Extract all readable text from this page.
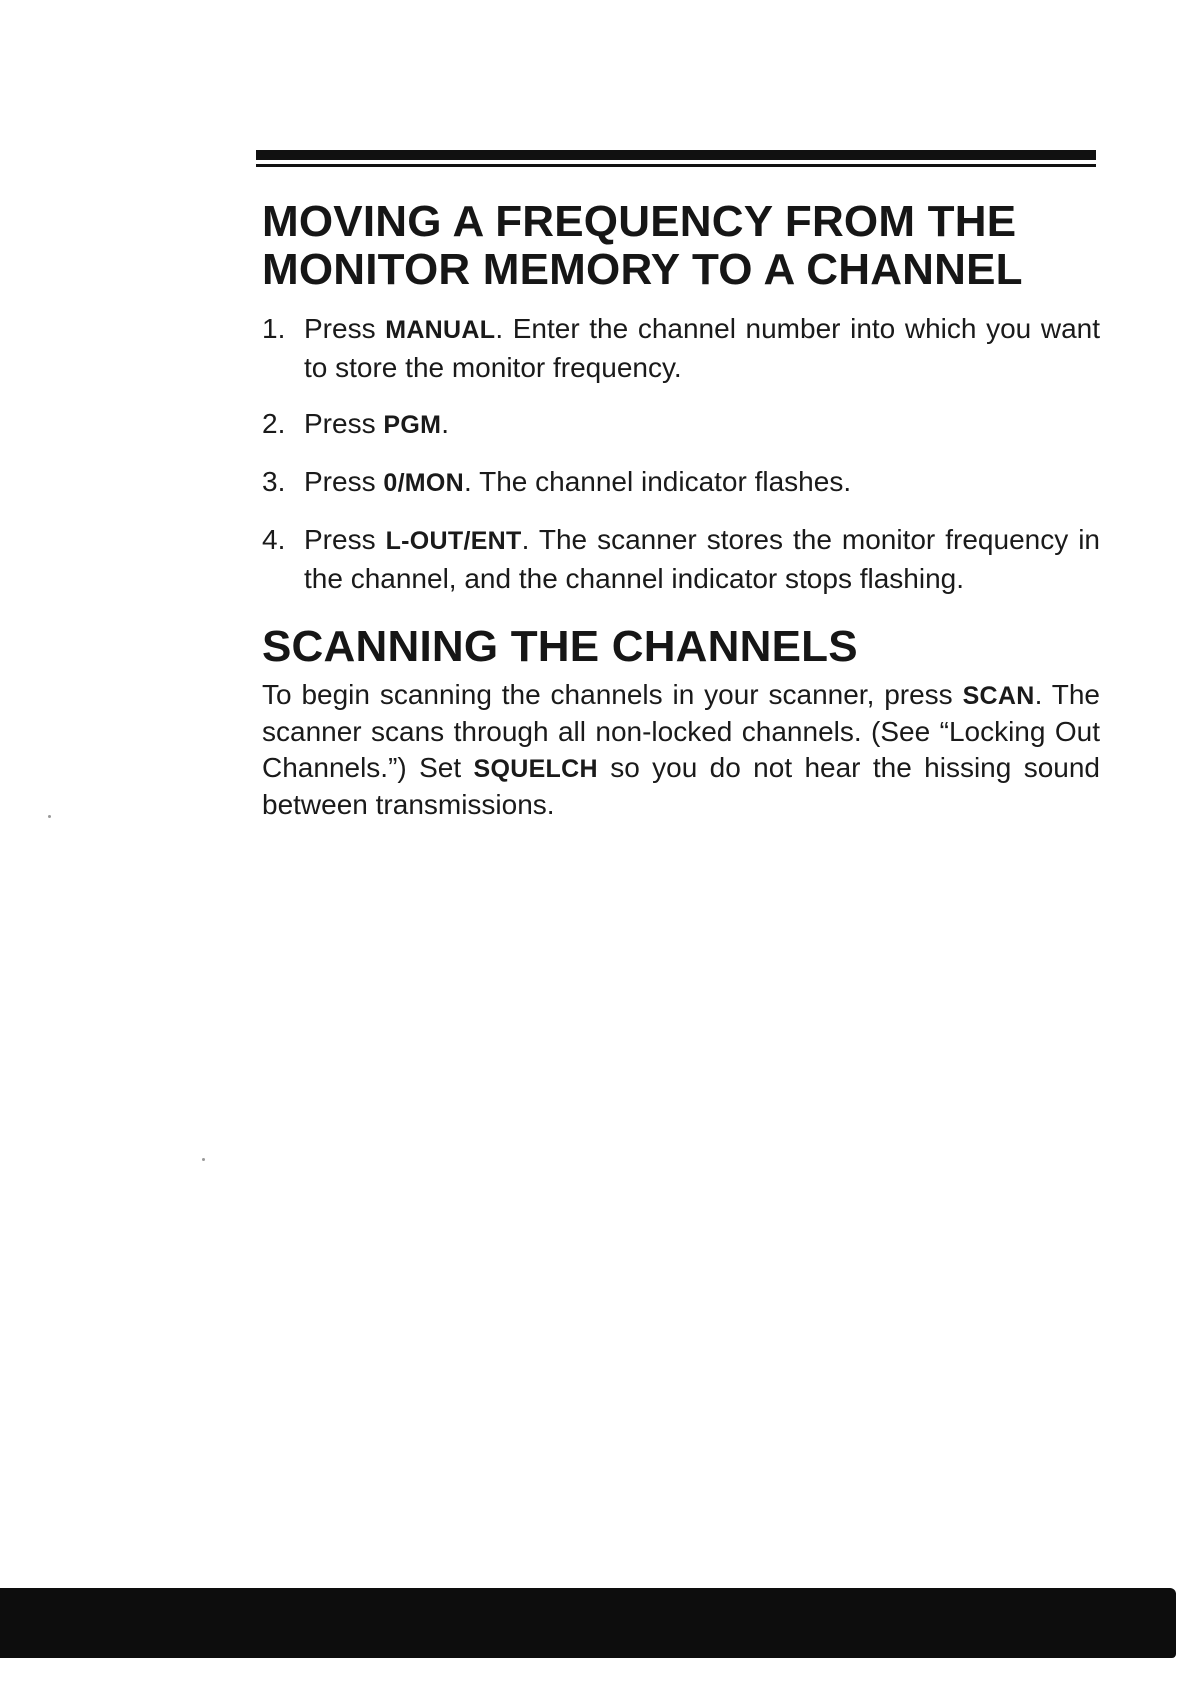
MOVING A FREQUENCY FROM THE
MONITOR MEMORY TO A CHANNEL
1. Press MANUAL. Enter the channel number into which you want to store the monitor frequency.
2. Press PGM.
3. Press 0/MON. The channel indicator flashes.
4. Press L-OUT/ENT. The scanner stores the monitor frequency in the channel, and the channel indicator stops flashing.
SCANNING THE CHANNELS

To begin scanning the channels in your scanner, press SCAN. The scanner scans through all non-locked channels. (See “Locking Out Channels.”) Set SQUELCH so you do not hear the hissing sound between transmissions.
